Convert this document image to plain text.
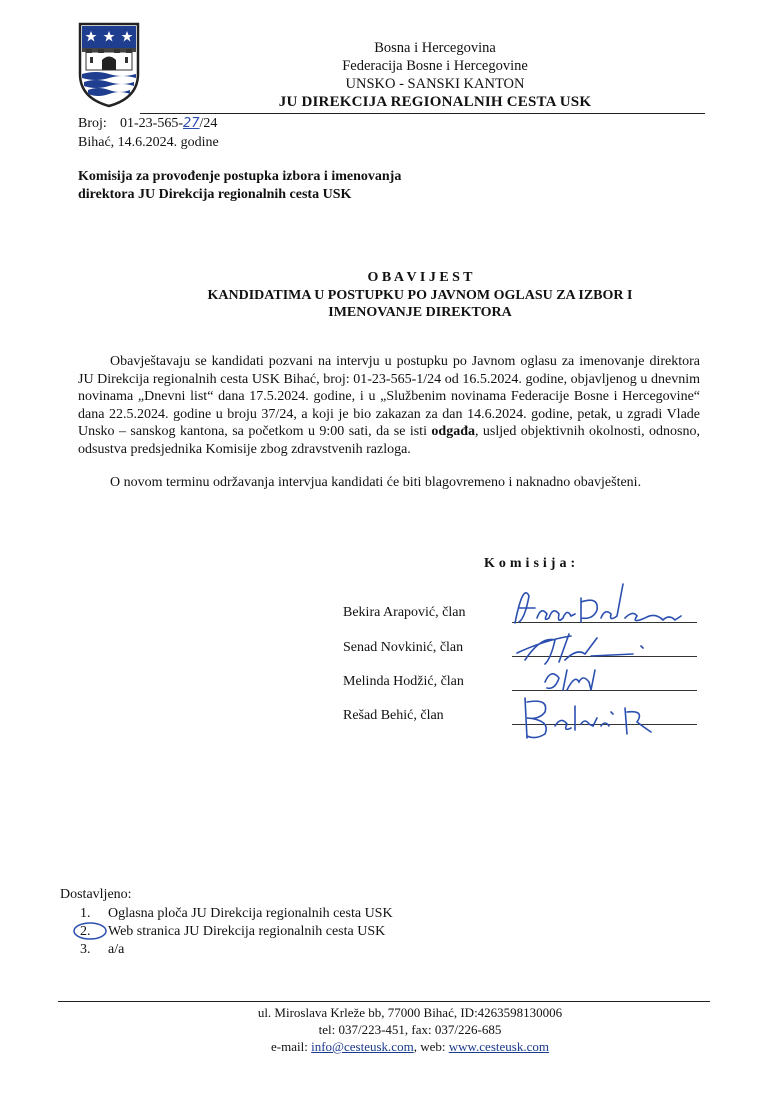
Bosna i Hercegovina
Federacija Bosne i Hercegovine
UNSKO - SANSKI KANTON
JU DIREKCIJA REGIONALNIH CESTA USK
Broj: 01-23-565-27/24
Bihać, 14.6.2024. godine
Komisija za provođenje postupka izbora i imenovanja
direktora JU Direkcija regionalnih cesta USK
O B A V I J E S T
KANDIDATIMA U POSTUPKU PO JAVNOM OGLASU ZA IZBOR I
IMENOVANJE DIREKTORA
Obavještavaju se kandidati pozvani na intervju u postupku po Javnom oglasu za imenovanje direktora JU Direkcija regionalnih cesta USK Bihać, broj: 01-23-565-1/24 od 16.5.2024. godine, objavljenog u dnevnim novinama „Dnevni list“ dana 17.5.2024. godine, i u „Službenim novinama Federacije Bosne i Hercegovine“ dana 22.5.2024. godine u broju 37/24, a koji je bio zakazan za dan 14.6.2024. godine, petak, u zgradi Vlade Unsko – sanskog kantona, sa početkom u 9:00 sati, da se isti odgađa, usljed objektivnih okolnosti, odnosno, odsustva predsjednika Komisije zbog zdravstvenih razloga.
O novom terminu održavanja intervjua kandidati će biti blagovremeno i naknadno obavješteni.
Komisija:
Bekira Arapović, član
Senad Novkinić, član
Melinda Hodžić, član
Rešad Behić, član
Dostavljeno:
1. Oglasna ploča JU Direkcija regionalnih cesta USK
2. Web stranica JU Direkcija regionalnih cesta USK
3. a/a
ul. Miroslava Krleže bb, 77000 Bihać, ID:4263598130006
tel: 037/223-451, fax: 037/226-685
e-mail: info@cesteusk.com, web: www.cesteusk.com
